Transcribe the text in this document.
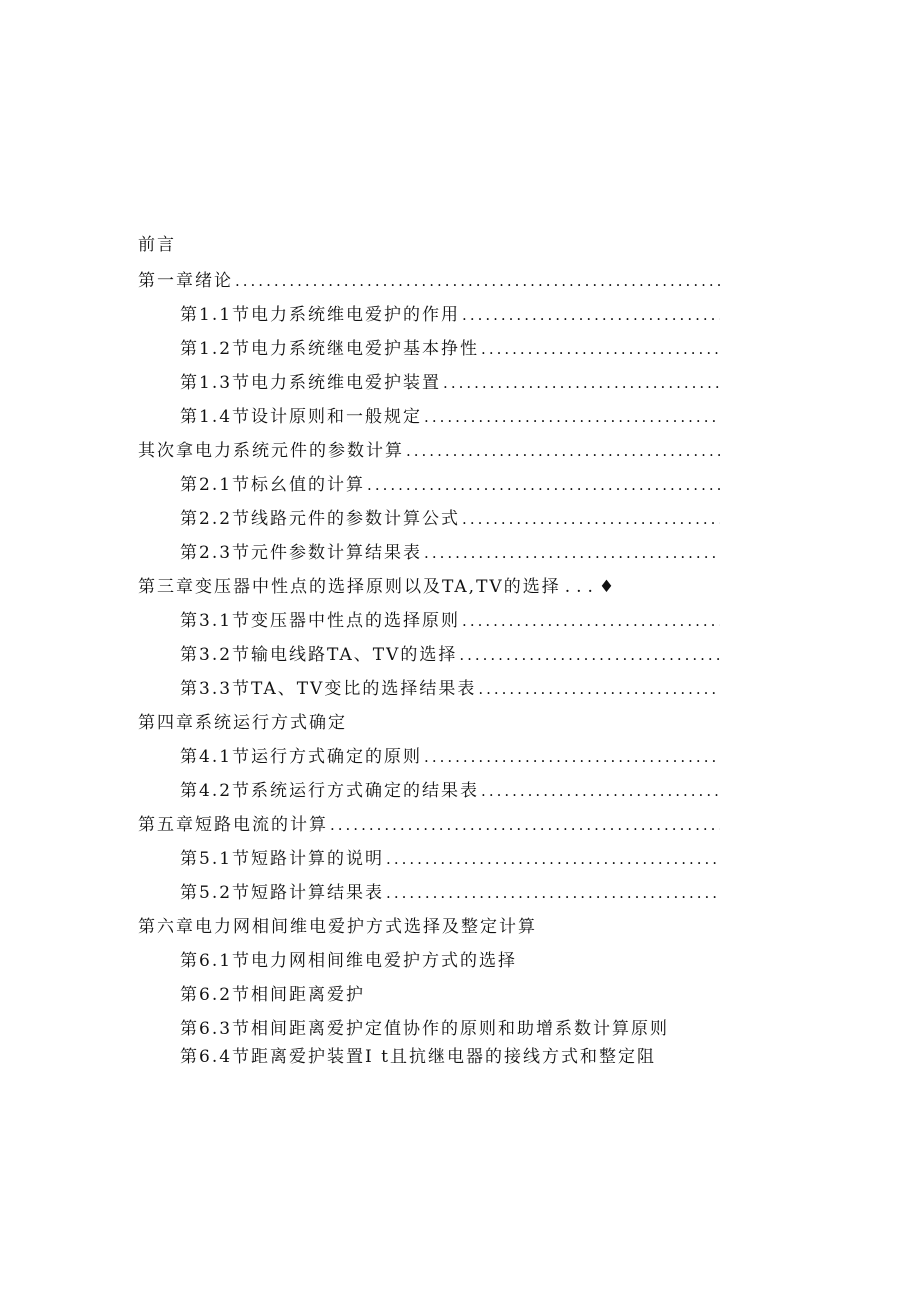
前言
第一章绪论
.....
第1.1节电力系统维电爱护的作用
.....
第1.2节电力系统继电爱护基本挣性
.....
第1.3节电力系统维电爱护装置
.....
第1.4节设计原则和一般规定
.....
其次拿电力系统元件的参数计算
.....
第2.1节标幺值的计算
.....
第2.2节线路元件的参数计算公式
.....
第2.3节元件参数计算结果表
.....
第三章变压器中性点的选择原则以及TA,TV的选择 ...♦
第3.1节变压器中性点的选择原则
.....
第3.2节输电线路TA、TV的选择
.....
第3.3节TA、TV变比的选择结果表
.....
第四章系统运行方式确定
第4.1节运行方式确定的原则
.....
第4.2节系统运行方式确定的结果表
.....
第五章短路电流的计算
.....
第5.1节短路计算的说明
.....
第5.2节短路计算结果表
.....
第六章电力网相间维电爱护方式选择及整定计算
第6.1节电力网相间维电爱护方式的选择
第6.2节相间距离爱护
第6.3节相间距离爱护定值协作的原则和助增系数计算原则
第6.4节距离爱护装置I t且抗继电器的接线方式和整定阻
